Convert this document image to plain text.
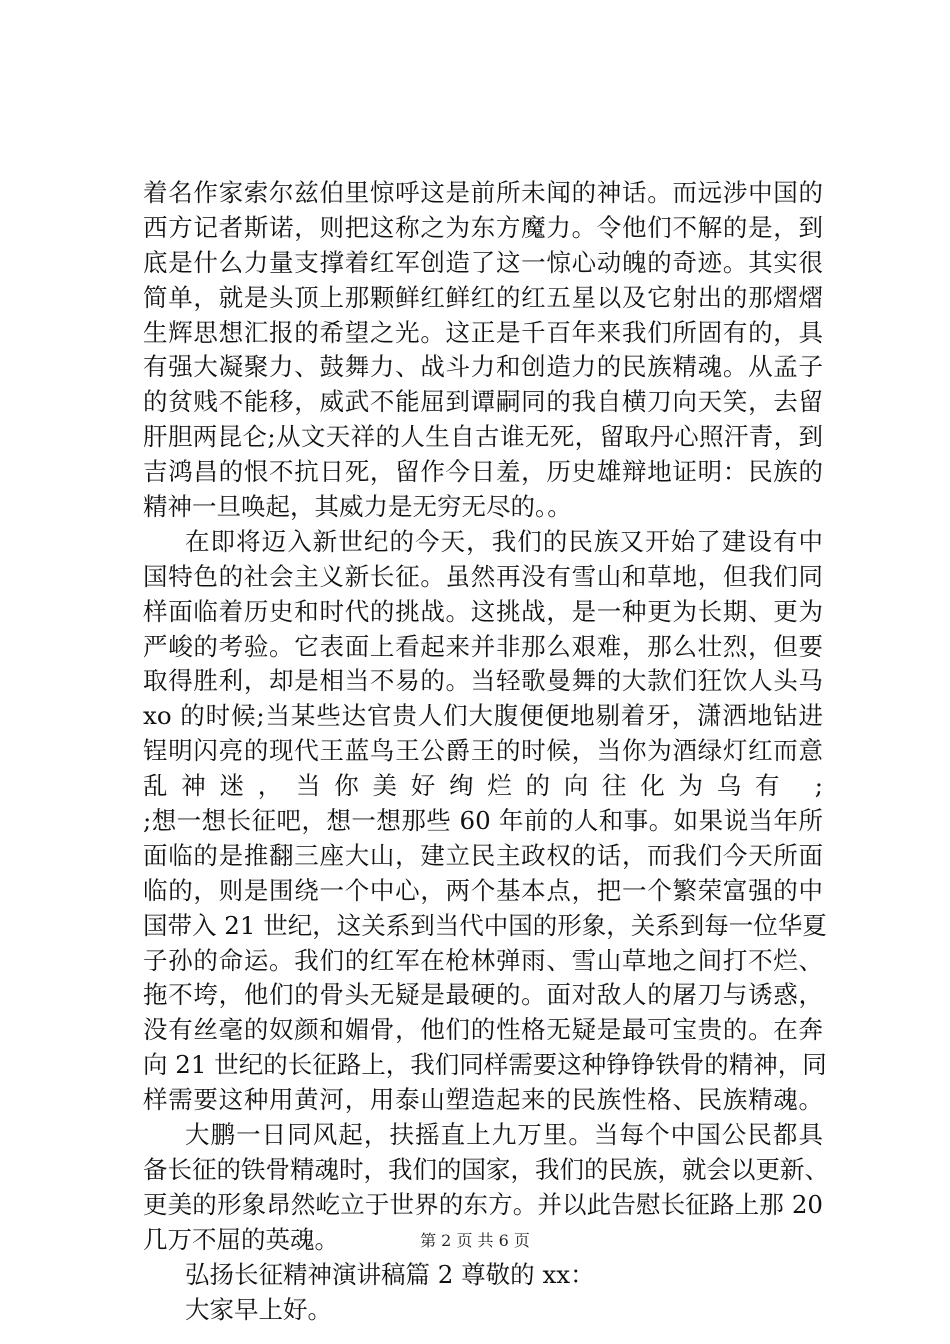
着名作家索尔兹伯里惊呼这是前所未闻的神话。而远涉中国的
西方记者斯诺，则把这称之为东方魔力。令他们不解的是，到
底是什么力量支撑着红军创造了这一惊心动魄的奇迹。其实很
简单，就是头顶上那颗鲜红鲜红的红五星以及它射出的那熠熠
生辉思想汇报的希望之光。这正是千百年来我们所固有的，具
有强大凝聚力、鼓舞力、战斗力和创造力的民族精魂。从孟子
的贫贱不能移，威武不能屈到谭嗣同的我自横刀向天笑，去留
肝胆两昆仑;从文天祥的人生自古谁无死，留取丹心照汗青，到
吉鸿昌的恨不抗日死，留作今日羞，历史雄辩地证明：民族的
精神一旦唤起，其威力是无穷无尽的。。
在即将迈入新世纪的今天，我们的民族又开始了建设有中
国特色的社会主义新长征。虽然再没有雪山和草地，但我们同
样面临着历史和时代的挑战。这挑战，是一种更为长期、更为
严峻的考验。它表面上看起来并非那么艰难，那么壮烈，但要
取得胜利，却是相当不易的。当轻歌曼舞的大款们狂饮人头马
xo 的时候;当某些达官贵人们大腹便便地剔着牙，潇洒地钻进
锃明闪亮的现代王蓝鸟王公爵王的时候，当你为酒绿灯红而意
乱神迷，当你美好绚烂的向往化为乌有 ;
;想一想长征吧，想一想那些 60 年前的人和事。如果说当年所
面临的是推翻三座大山，建立民主政权的话，而我们今天所面
临的，则是围绕一个中心，两个基本点，把一个繁荣富强的中
国带入 21 世纪，这关系到当代中国的形象，关系到每一位华夏
子孙的命运。我们的红军在枪林弹雨、雪山草地之间打不烂、
拖不垮，他们的骨头无疑是最硬的。面对敌人的屠刀与诱惑，
没有丝毫的奴颜和媚骨，他们的性格无疑是最可宝贵的。在奔
向 21 世纪的长征路上，我们同样需要这种铮铮铁骨的精神，同
样需要这种用黄河，用泰山塑造起来的民族性格、民族精魂。
大鹏一日同风起，扶摇直上九万里。当每个中国公民都具
备长征的铁骨精魂时，我们的国家，我们的民族，就会以更新、
更美的形象昂然屹立于世界的东方。并以此告慰长征路上那 20
几万不屈的英魂。
弘扬长征精神演讲稿篇 2 尊敬的 xx：
大家早上好。
第 2 页 共 6 页
